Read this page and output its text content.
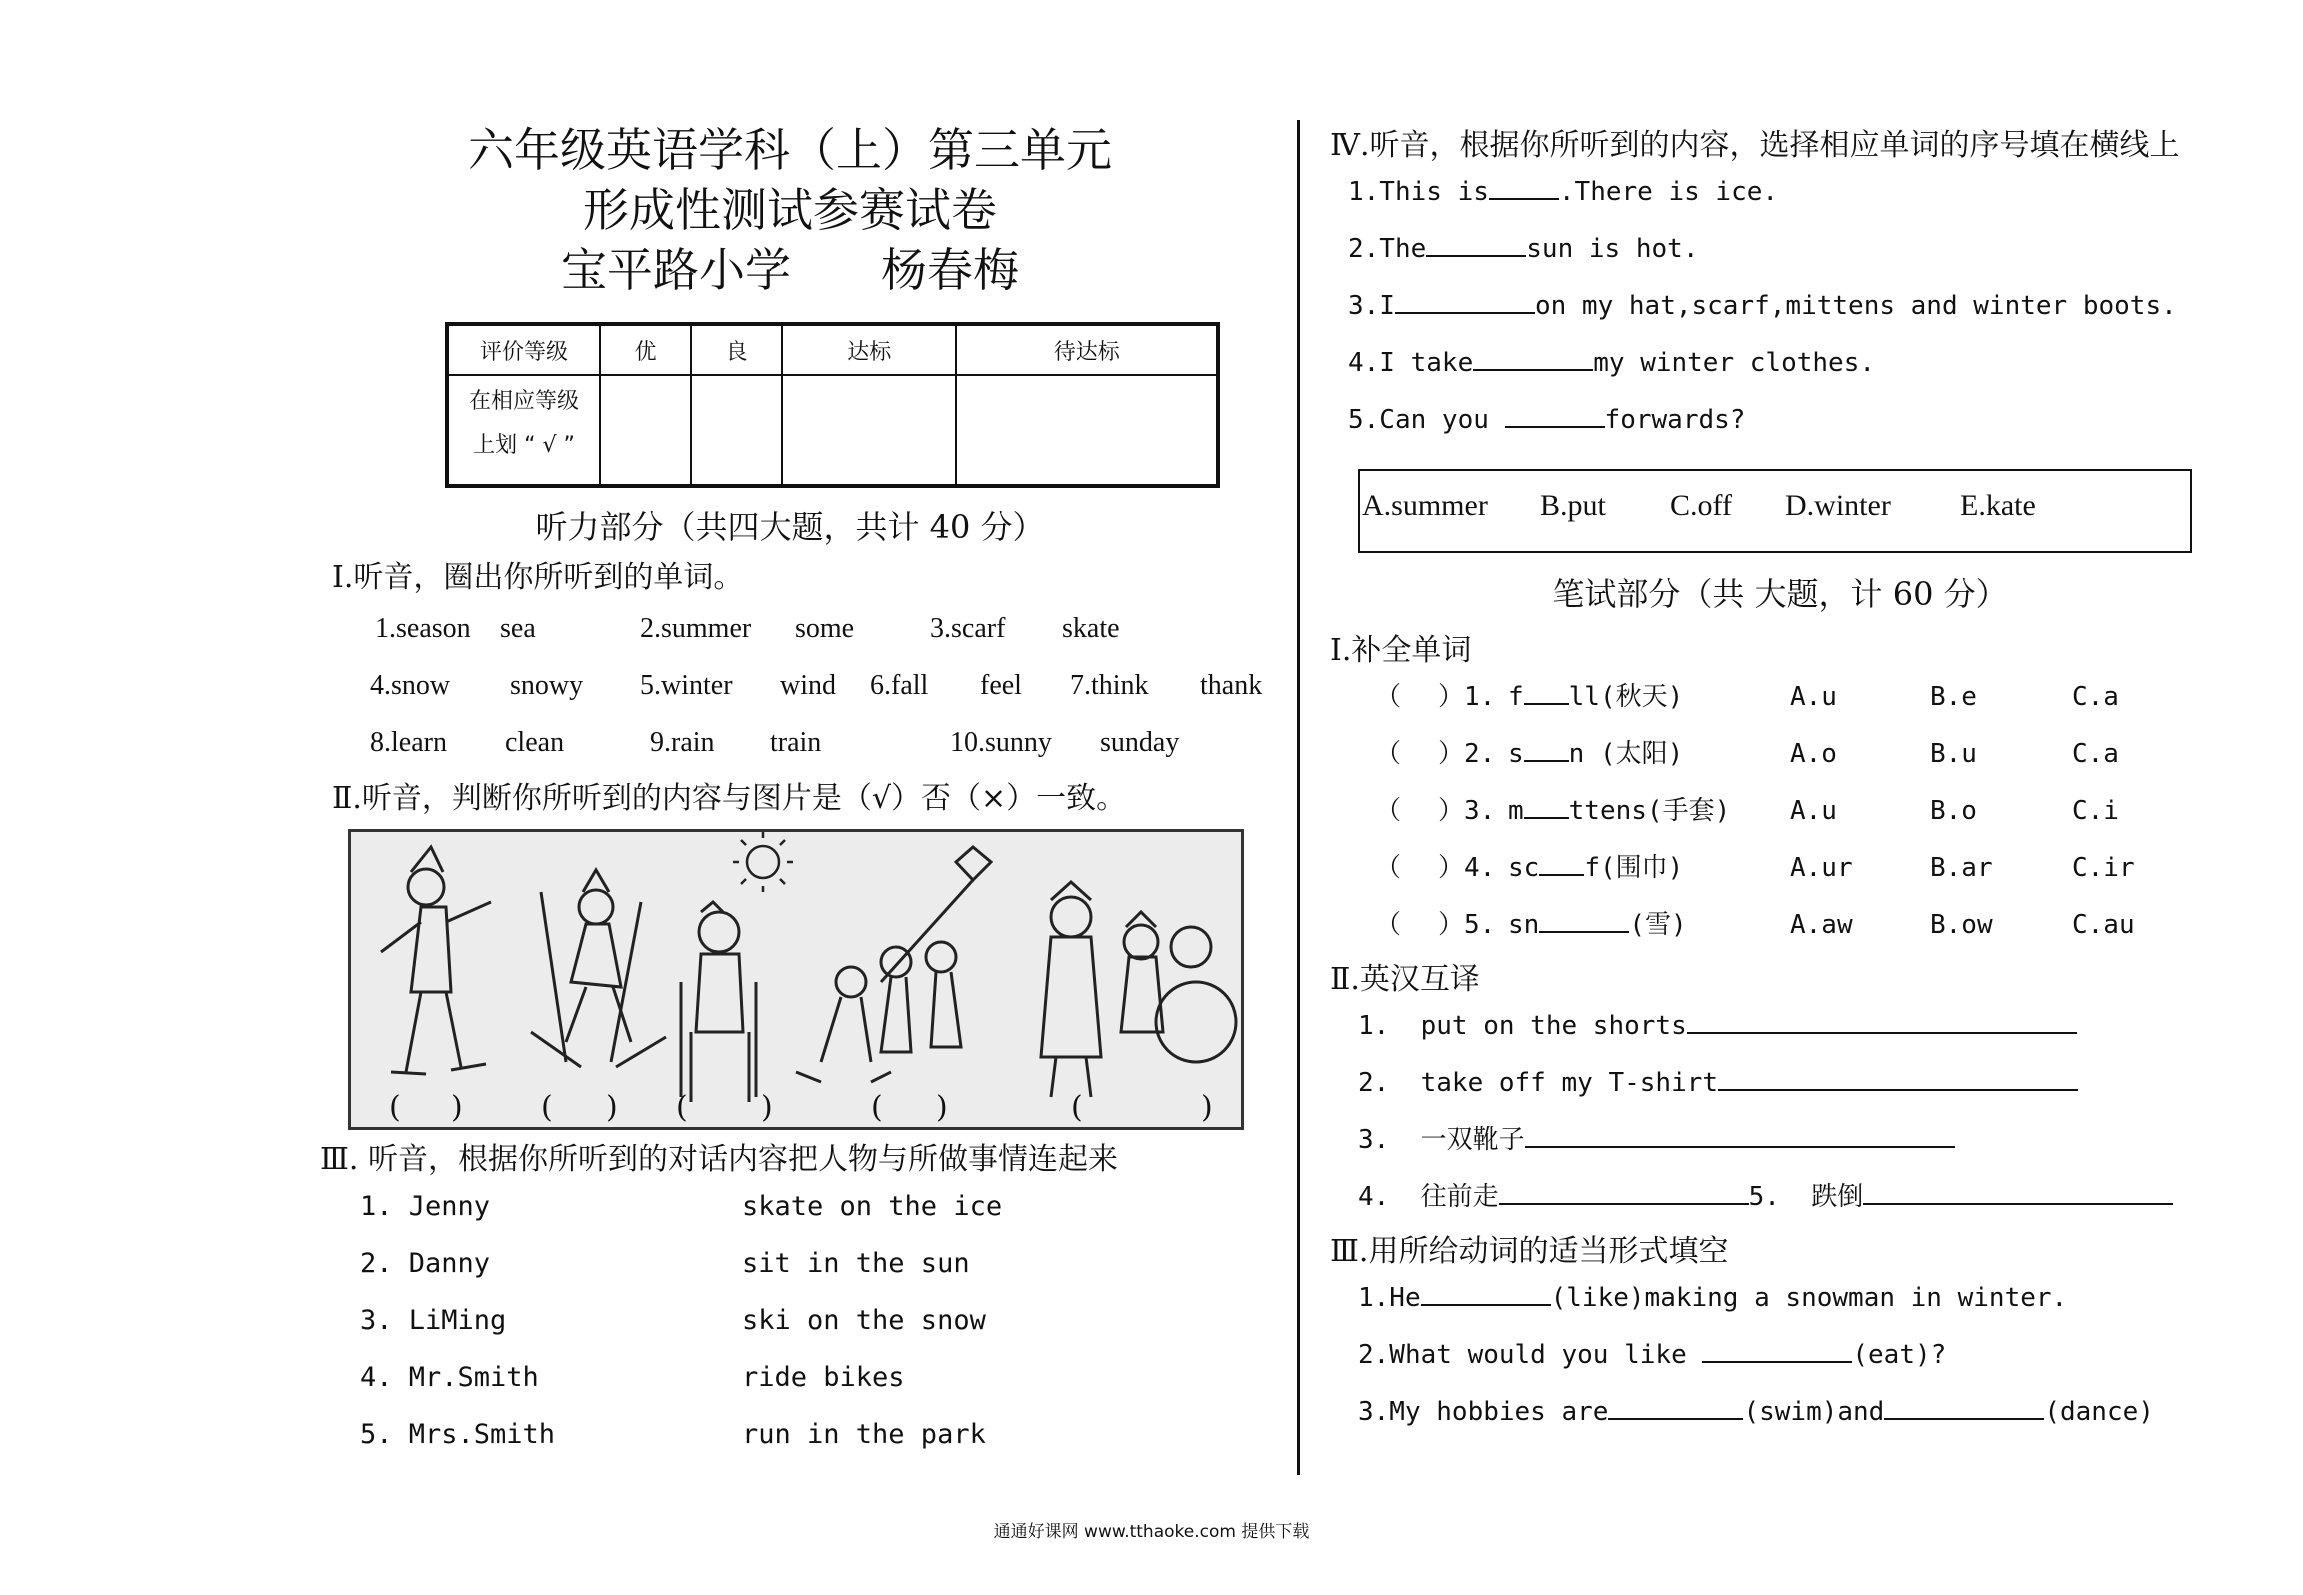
六年级英语学科（上）第三单元
形成性测试参赛试卷
宝平路小学 杨春梅
评价等级	优	良	达标	待达标

在相应等级
上划 “ √ ”				

听力部分（共四大题，共计 40 分）
Ⅰ.听音，圈出你所听到的单词。
1.season sea	2.summer some	3.scarf skate
4.snow snowy 5.winter wind 6.fall feel 7.think thank
8.learn clean	9.rain train	10.sunny sunday
Ⅱ.听音，判断你所听到的内容与图片是（√）否（×）一致。
( )	( ) ( )	( )	(	)
Ⅲ. 听音，根据你所听到的对话内容把人物与所做事情连起来
1. Jenny	skate on the ice
2. Danny	sit in the sun
3. LiMing	ski on the snow
4. Mr.Smith	ride bikes
5. Mrs.Smith	run in the park
Ⅳ.听音，根据你所听到的内容，选择相应单词的序号填在横线上
1.This is	.There is ice.
2.The	sun is hot.
3.I	on my hat,scarf,mittens and winter boots.
4.I take	my winter clothes.
5.Can you	forwards?
A.summer B.put C.off D.winter E.kate
笔试部分（共 大题，计 60 分）
Ⅰ.补全单词
（ ）1. f ll(秋天)	A.u	B.e	C.a
（ ）2. s n (太阳)	A.o	B.u	C.a
（ ）3. m ttens(手套) A.u	B.o	C.i
（ ）4. sc f(围巾)	A.ur	B.ar	C.ir
（ ）5. sn	(雪)	A.aw	B.ow	C.au
Ⅱ.英汉互译
1.  put on the shorts
2.  take off my T-shirt
3.  一双靴子
4.  往前走	5.  跌倒
Ⅲ.用所给动词的适当形式填空
1.He	(like)making a snowman in winter.
2.What would you like	(eat)?
3.My hobbies are	(swim)and	(dance)
通通好课网 www.tthaoke.com 提供下载
